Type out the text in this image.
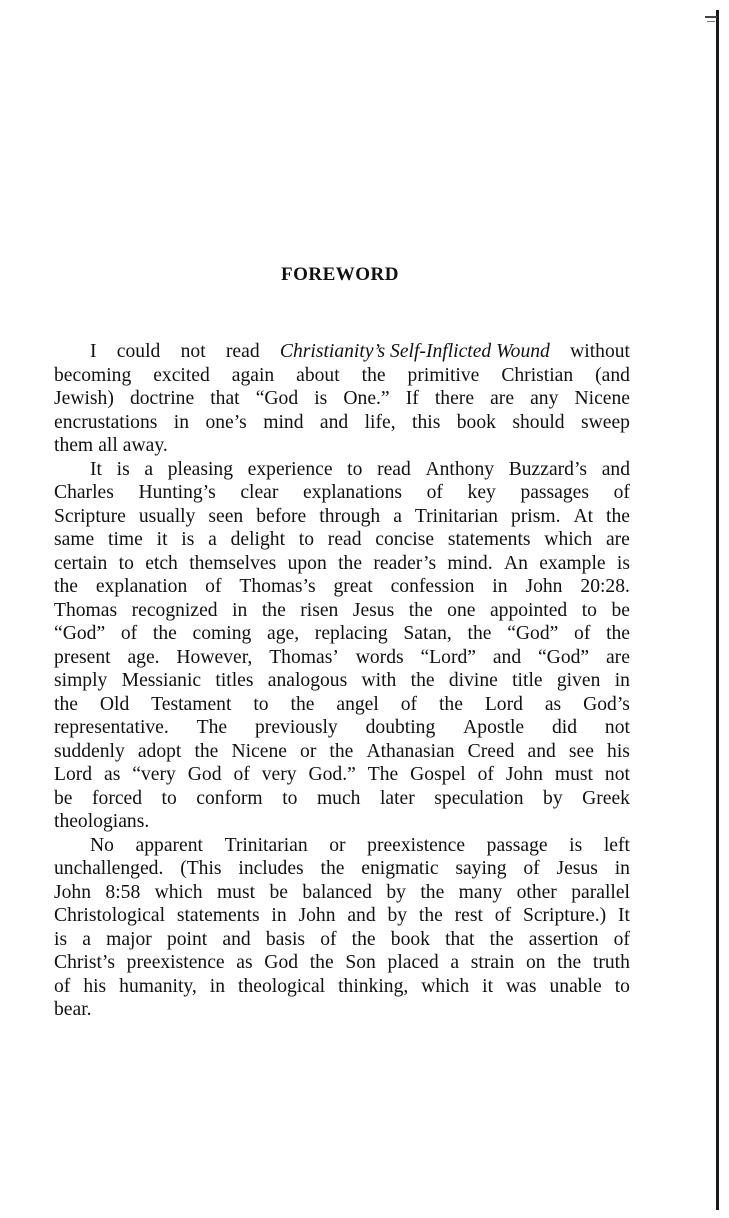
FOREWORD
I could not read Christianity’s Self-Inflicted Wound without
becoming excited again about the primitive Christian (and
Jewish) doctrine that “God is One.” If there are any Nicene
encrustations in one’s mind and life, this book should sweep
them all away.
It is a pleasing experience to read Anthony Buzzard’s and
Charles Hunting’s clear explanations of key passages of
Scripture usually seen before through a Trinitarian prism. At the
same time it is a delight to read concise statements which are
certain to etch themselves upon the reader’s mind. An example is
the explanation of Thomas’s great confession in John 20:28.
Thomas recognized in the risen Jesus the one appointed to be
“God” of the coming age, replacing Satan, the “God” of the
present age. However, Thomas’ words “Lord” and “God” are
simply Messianic titles analogous with the divine title given in
the Old Testament to the angel of the Lord as God’s
representative. The previously doubting Apostle did not
suddenly adopt the Nicene or the Athanasian Creed and see his
Lord as “very God of very God.” The Gospel of John must not
be forced to conform to much later speculation by Greek
theologians.
No apparent Trinitarian or preexistence passage is left
unchallenged. (This includes the enigmatic saying of Jesus in
John 8:58 which must be balanced by the many other parallel
Christological statements in John and by the rest of Scripture.) It
is a major point and basis of the book that the assertion of
Christ’s preexistence as God the Son placed a strain on the truth
of his humanity, in theological thinking, which it was unable to
bear.
